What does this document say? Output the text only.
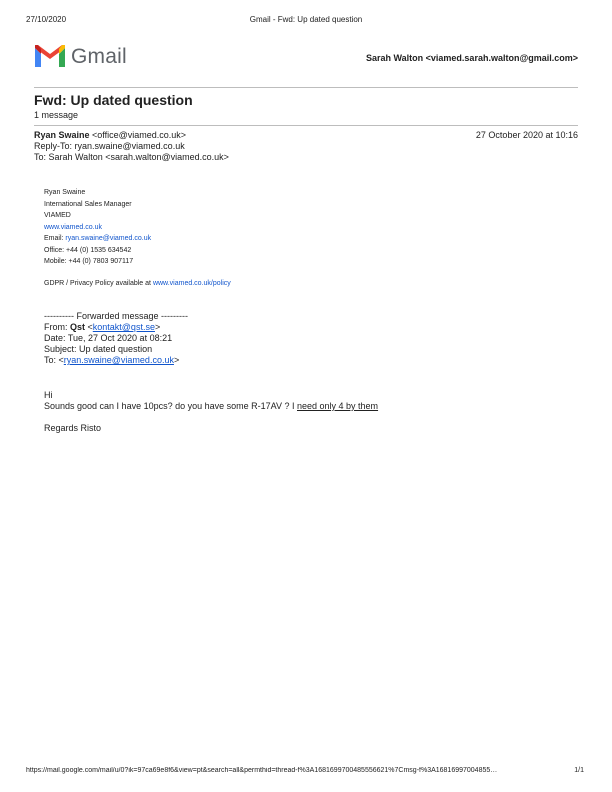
27/10/2020	Gmail - Fwd: Up dated question
Gmail	Sarah Walton <viamed.sarah.walton@gmail.com>
Fwd: Up dated question
1 message
Ryan Swaine <office@viamed.co.uk>	27 October 2020 at 10:16
Reply-To: ryan.swaine@viamed.co.uk
To: Sarah Walton <sarah.walton@viamed.co.uk>
Ryan Swaine
International Sales Manager
VIAMED
www.viamed.co.uk
Email: ryan.swaine@viamed.co.uk
Office: +44 (0) 1535 634542
Mobile: +44 (0) 7803 907117
GDPR / Privacy Policy available at www.viamed.co.uk/policy
---------- Forwarded message ---------
From: Qst <kontakt@qst.se>
Date: Tue, 27 Oct 2020 at 08:21
Subject: Up dated question
To: <ryan.swaine@viamed.co.uk>
Hi
Sounds good can I have 10pcs? do you have some R-17AV ? I need only 4 by them
Regards Risto
https://mail.google.com/mail/u/0?ik=97ca69e8f6&view=pt&search=all&permthid=thread-f%3A1681699700485556621%7Cmsg-f%3A16816997004855…	1/1
